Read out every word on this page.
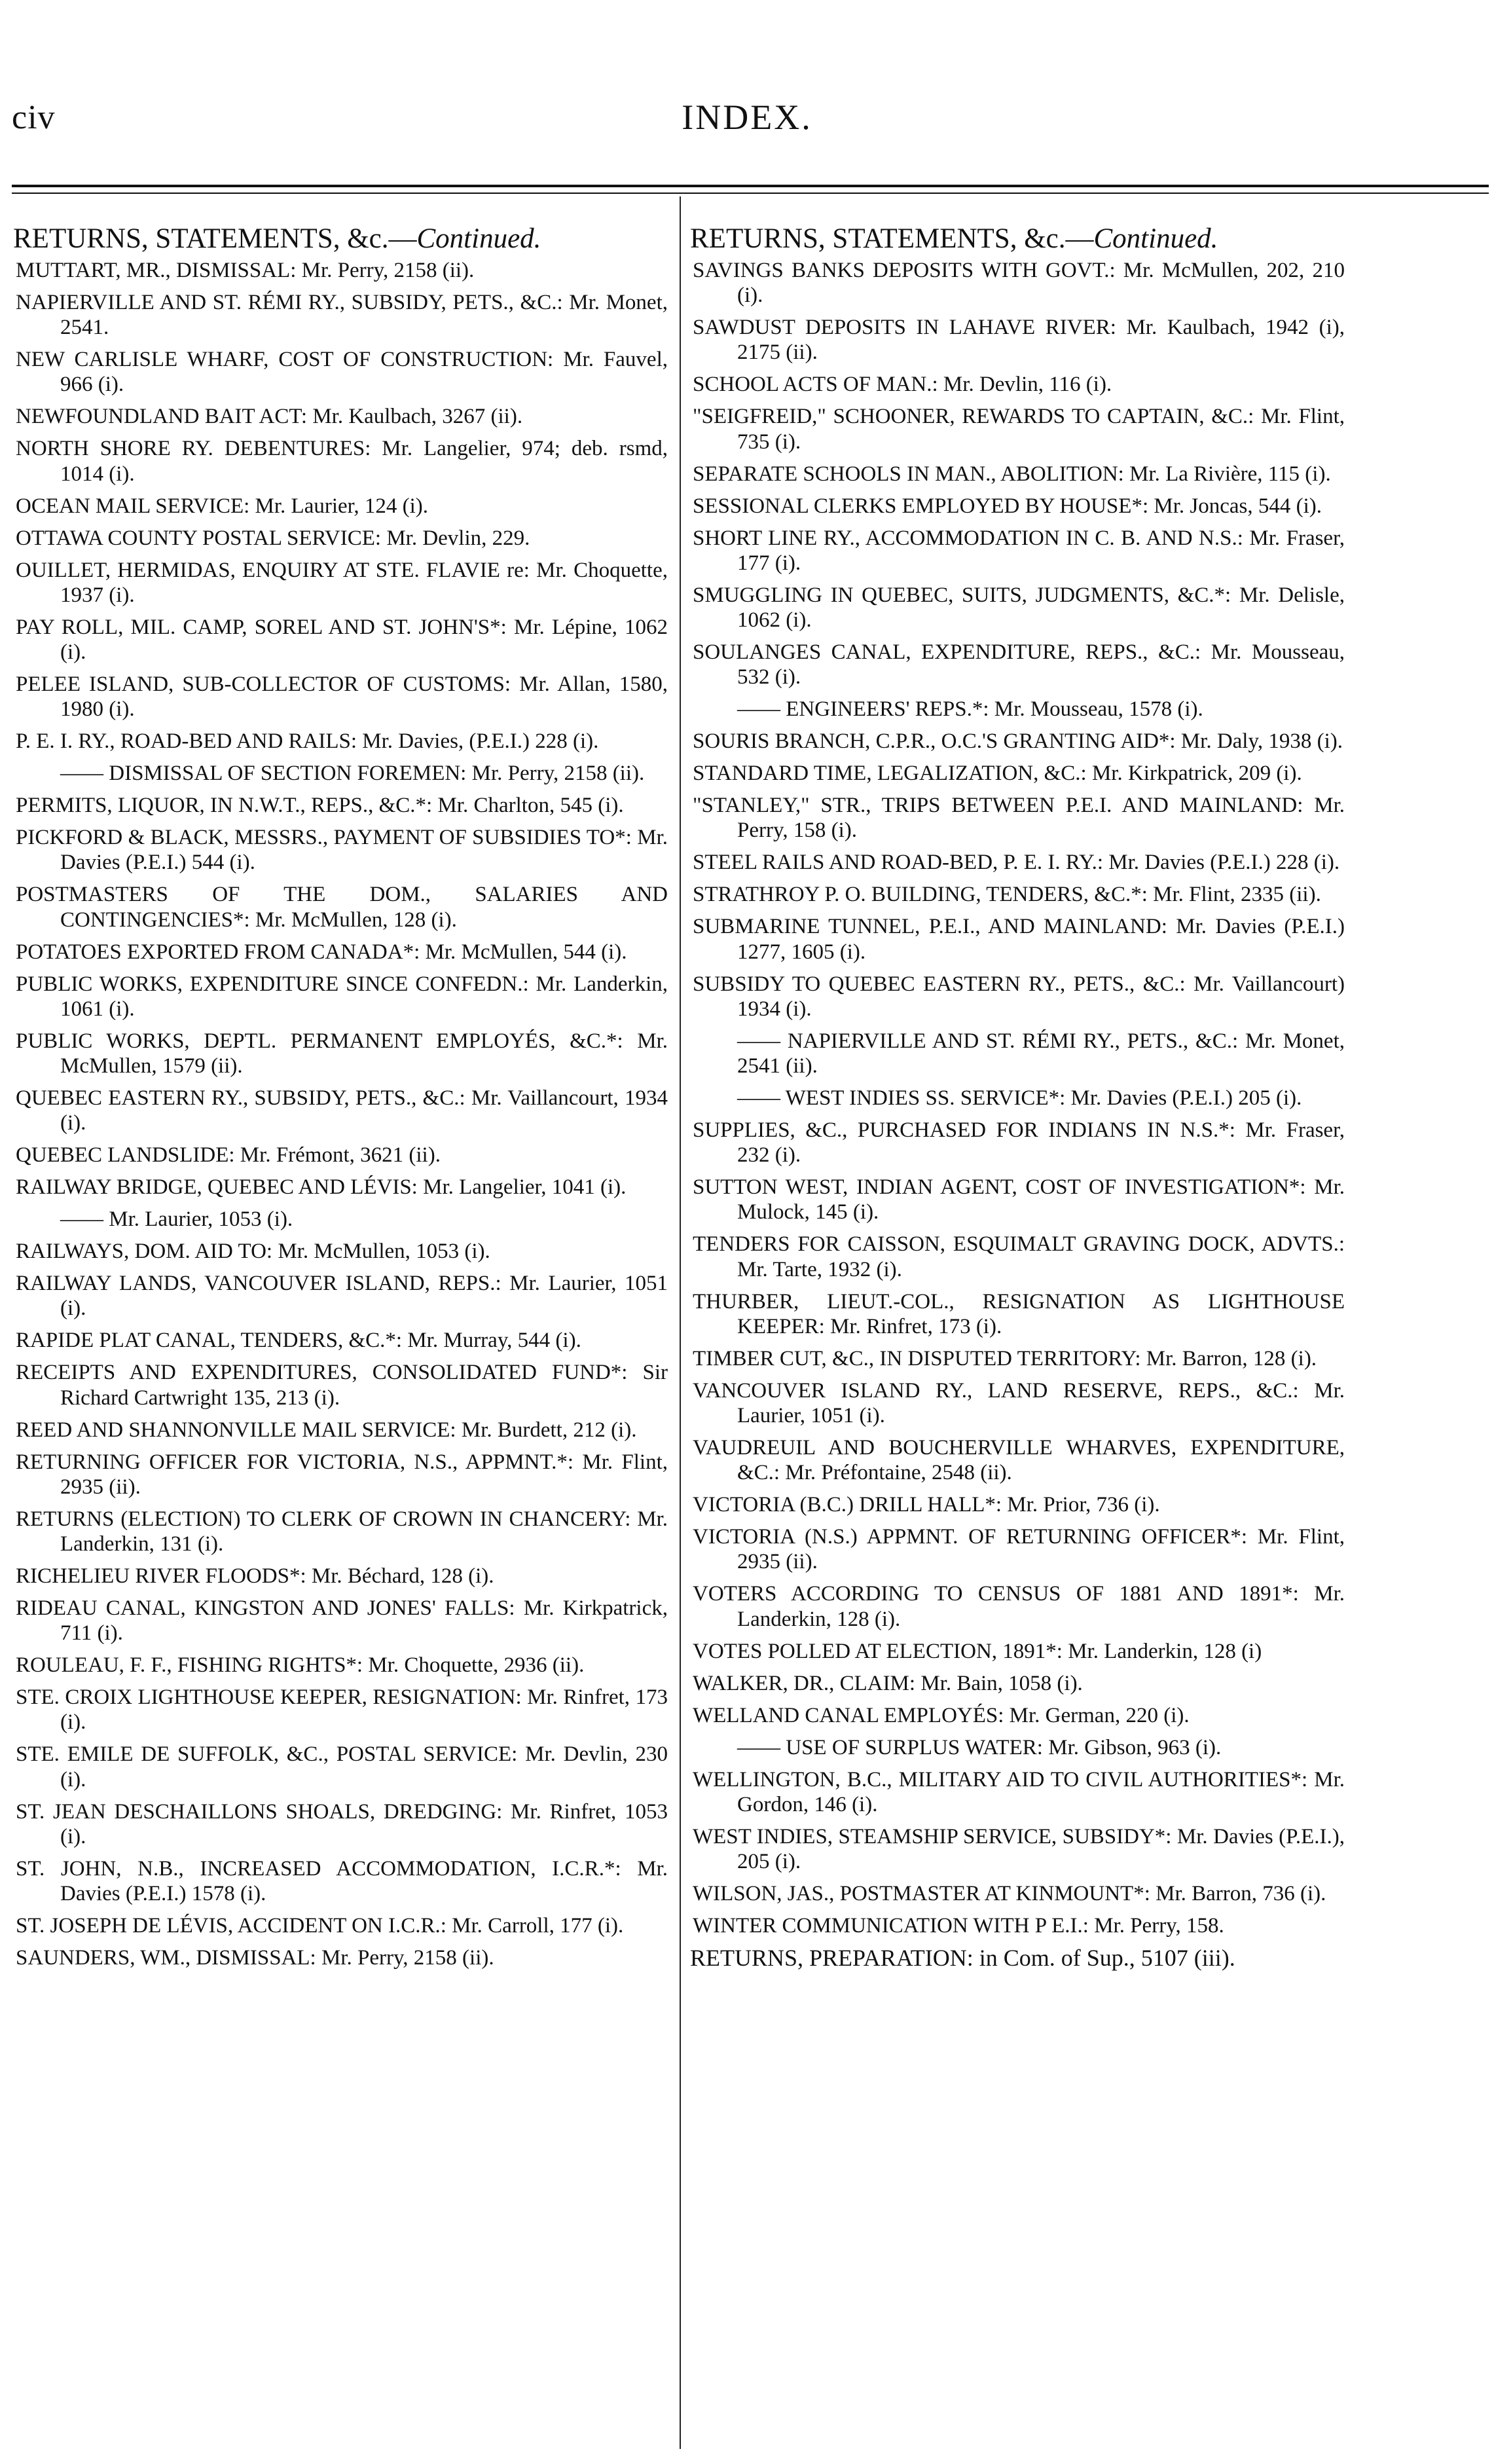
civ	INDEX.
RETURNS, STATEMENTS, &c.—Continued.
MUTTART, MR., DISMISSAL: Mr. Perry, 2158 (ii).
NAPIERVILLE AND ST. RÉMI RY., SUBSIDY, PETS., &C.: Mr. Monet, 2541.
NEW CARLISLE WHARF, COST OF CONSTRUCTION: Mr. Fauvel, 966 (i).
NEWFOUNDLAND BAIT ACT: Mr. Kaulbach, 3267 (ii).
NORTH SHORE RY. DEBENTURES: Mr. Langelier, 974; deb. rsmd, 1014 (i).
OCEAN MAIL SERVICE: Mr. Laurier, 124 (i).
OTTAWA COUNTY POSTAL SERVICE: Mr. Devlin, 229.
OUILLET, HERMIDAS, ENQUIRY AT STE. FLAVIE re: Mr. Choquette, 1937 (i).
PAY ROLL, MIL. CAMP, SOREL AND ST. JOHN'S*: Mr. Lépine, 1062 (i).
PELEE ISLAND, SUB-COLLECTOR OF CUSTOMS: Mr. Allan, 1580, 1980 (i).
P. E. I. RY., ROAD-BED AND RAILS: Mr. Davies, (P.E.I.) 228 (i).
—— DISMISSAL OF SECTION FOREMEN: Mr. Perry, 2158 (ii).
PERMITS, LIQUOR, IN N.W.T., REPS., &C.*: Mr. Charlton, 545 (i).
PICKFORD & BLACK, MESSRS., PAYMENT OF SUBSIDIES TO*: Mr. Davies (P.E.I.) 544 (i).
POSTMASTERS OF THE DOM., SALARIES AND CONTINGENCIES*: Mr. McMullen, 128 (i).
POTATOES EXPORTED FROM CANADA*: Mr. McMullen, 544 (i).
PUBLIC WORKS, EXPENDITURE SINCE CONFEDN.: Mr. Landerkin, 1061 (i).
PUBLIC WORKS, DEPTL. PERMANENT EMPLOYÉS, &C.*: Mr. McMullen, 1579 (ii).
QUEBEC EASTERN RY., SUBSIDY, PETS., &C.: Mr. Vaillancourt, 1934 (i).
QUEBEC LANDSLIDE: Mr. Frémont, 3621 (ii).
RAILWAY BRIDGE, QUEBEC AND LÉVIS: Mr. Langelier, 1041 (i).
—— Mr. Laurier, 1053 (i).
RAILWAYS, DOM. AID TO: Mr. McMullen, 1053 (i).
RAILWAY LANDS, VANCOUVER ISLAND, REPS.: Mr. Laurier, 1051 (i).
RAPIDE PLAT CANAL, TENDERS, &C.*: Mr. Murray, 544 (i).
RECEIPTS AND EXPENDITURES, CONSOLIDATED FUND*: Sir Richard Cartwright 135, 213 (i).
REED AND SHANNONVILLE MAIL SERVICE: Mr. Burdett, 212 (i).
RETURNING OFFICER FOR VICTORIA, N.S., APPMNT.*: Mr. Flint, 2935 (ii).
RETURNS (ELECTION) TO CLERK OF CROWN IN CHANCERY: Mr. Landerkin, 131 (i).
RICHELIEU RIVER FLOODS*: Mr. Béchard, 128 (i).
RIDEAU CANAL, KINGSTON AND JONES' FALLS: Mr. Kirkpatrick, 711 (i).
ROULEAU, F. F., FISHING RIGHTS*: Mr. Choquette, 2936 (ii).
STE. CROIX LIGHTHOUSE KEEPER, RESIGNATION: Mr. Rinfret, 173 (i).
STE. EMILE DE SUFFOLK, &C., POSTAL SERVICE: Mr. Devlin, 230 (i).
ST. JEAN DESCHAILLONS SHOALS, DREDGING: Mr. Rinfret, 1053 (i).
ST. JOHN, N.B., INCREASED ACCOMMODATION, I.C.R.*: Mr. Davies (P.E.I.) 1578 (i).
ST. JOSEPH DE LÉVIS, ACCIDENT ON I.C.R.: Mr. Carroll, 177 (i).
SAUNDERS, WM., DISMISSAL: Mr. Perry, 2158 (ii).
RETURNS, STATEMENTS, &c.—Continued.
SAVINGS BANKS DEPOSITS WITH GOVT.: Mr. McMullen, 202, 210 (i).
SAWDUST DEPOSITS IN LAHAVE RIVER: Mr. Kaulbach, 1942 (i), 2175 (ii).
SCHOOL ACTS OF MAN.: Mr. Devlin, 116 (i).
"SEIGFREID," SCHOONER, REWARDS TO CAPTAIN, &C.: Mr. Flint, 735 (i).
SEPARATE SCHOOLS IN MAN., ABOLITION: Mr. La Rivière, 115 (i).
SESSIONAL CLERKS EMPLOYED BY HOUSE*: Mr. Joncas, 544 (i).
SHORT LINE RY., ACCOMMODATION IN C. B. AND N.S.: Mr. Fraser, 177 (i).
SMUGGLING IN QUEBEC, SUITS, JUDGMENTS, &C.*: Mr. Delisle, 1062 (i).
SOULANGES CANAL, EXPENDITURE, REPS., &C.: Mr. Mousseau, 532 (i).
—— ENGINEERS' REPS.*: Mr. Mousseau, 1578 (i).
SOURIS BRANCH, C.P.R., O.C.'S GRANTING AID*: Mr. Daly, 1938 (i).
STANDARD TIME, LEGALIZATION, &C.: Mr. Kirkpatrick, 209 (i).
"STANLEY," STR., TRIPS BETWEEN P.E.I. AND MAINLAND: Mr. Perry, 158 (i).
STEEL RAILS AND ROAD-BED, P. E. I. RY.: Mr. Davies (P.E.I.) 228 (i).
STRATHROY P. O. BUILDING, TENDERS, &C.*: Mr. Flint, 2335 (ii).
SUBMARINE TUNNEL, P.E.I., AND MAINLAND: Mr. Davies (P.E.I.) 1277, 1605 (i).
SUBSIDY TO QUEBEC EASTERN RY., PETS., &C.: Mr. Vaillancourt) 1934 (i).
—— NAPIERVILLE AND ST. RÉMI RY., PETS., &C.: Mr. Monet, 2541 (ii).
—— WEST INDIES SS. SERVICE*: Mr. Davies (P.E.I.) 205 (i).
SUPPLIES, &C., PURCHASED FOR INDIANS IN N.S.*: Mr. Fraser, 232 (i).
SUTTON WEST, INDIAN AGENT, COST OF INVESTIGATION*: Mr. Mulock, 145 (i).
TENDERS FOR CAISSON, ESQUIMALT GRAVING DOCK, ADVTS.: Mr. Tarte, 1932 (i).
THURBER, LIEUT.-COL., RESIGNATION AS LIGHTHOUSE KEEPER: Mr. Rinfret, 173 (i).
TIMBER CUT, &C., IN DISPUTED TERRITORY: Mr. Barron, 128 (i).
VANCOUVER ISLAND RY., LAND RESERVE, REPS., &C.: Mr. Laurier, 1051 (i).
VAUDREUIL AND BOUCHERVILLE WHARVES, EXPENDITURE, &C.: Mr. Préfontaine, 2548 (ii).
VICTORIA (B.C.) DRILL HALL*: Mr. Prior, 736 (i).
VICTORIA (N.S.) APPMNT. OF RETURNING OFFICER*: Mr. Flint, 2935 (ii).
VOTERS ACCORDING TO CENSUS OF 1881 AND 1891*: Mr. Landerkin, 128 (i).
VOTES POLLED AT ELECTION, 1891*: Mr. Landerkin, 128 (i)
WALKER, DR., CLAIM: Mr. Bain, 1058 (i).
WELLAND CANAL EMPLOYÉS: Mr. German, 220 (i).
—— USE OF SURPLUS WATER: Mr. Gibson, 963 (i).
WELLINGTON, B.C., MILITARY AID TO CIVIL AUTHORITIES*: Mr. Gordon, 146 (i).
WEST INDIES, STEAMSHIP SERVICE, SUBSIDY*: Mr. Davies (P.E.I.), 205 (i).
WILSON, JAS., POSTMASTER AT KINMOUNT*: Mr. Barron, 736 (i).
WINTER COMMUNICATION WITH P E.I.: Mr. Perry, 158.
RETURNS, PREPARATION: in Com. of Sup., 5107 (iii).
